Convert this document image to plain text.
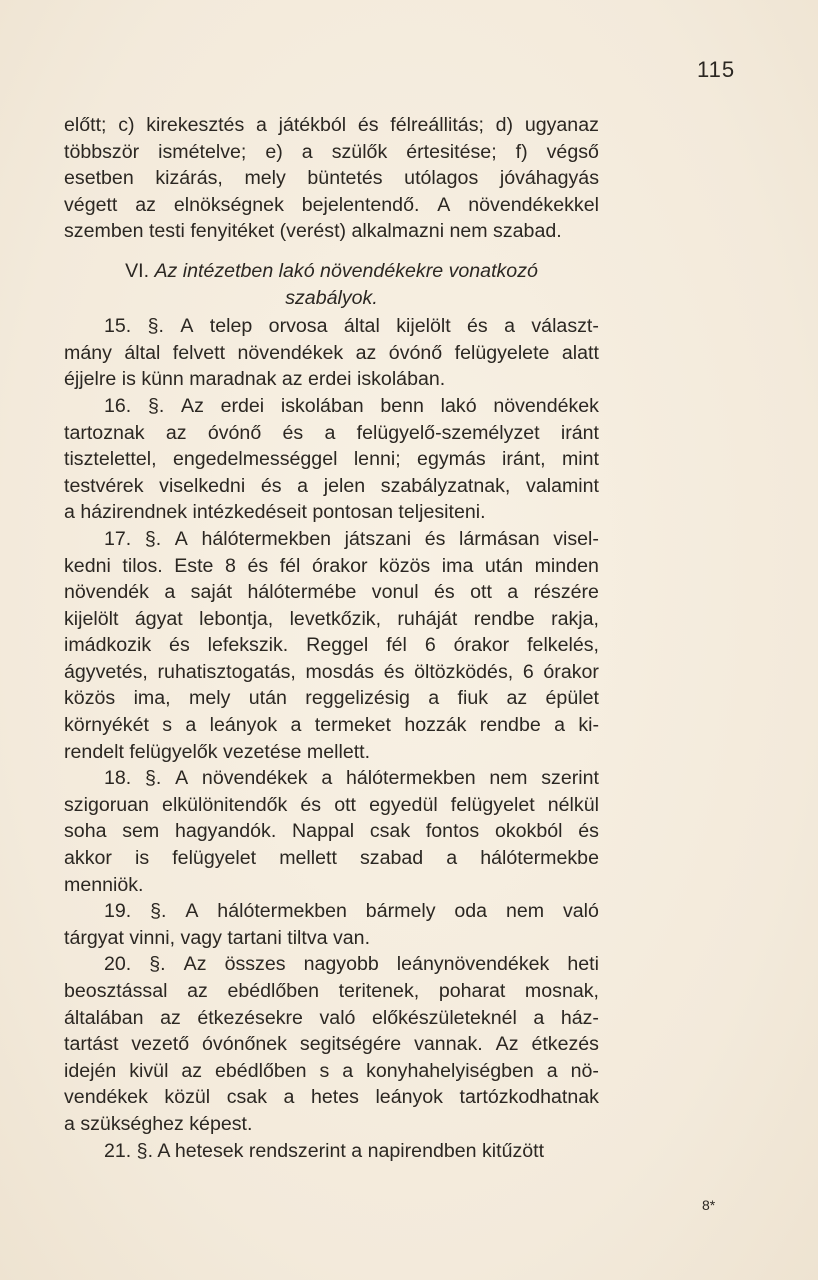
115
előtt; c) kirekesztés a játékból és félreállitás; d) ugyanaz
többször ismételve; e) a szülők értesitése; f) végső
esetben kizárás, mely büntetés utólagos jóváhagyás
végett az elnökségnek bejelentendő. A növendékekkel
szemben testi fenyitéket (verést) alkalmazni nem szabad.
VI. Az intézetben lakó növendékekre vonatkozó
szabályok.
15. §. A telep orvosa által kijelölt és a választ-
mány által felvett növendékek az óvónő felügyelete alatt
éjjelre is künn maradnak az erdei iskolában.
16. §. Az erdei iskolában benn lakó növendékek
tartoznak az óvónő és a felügyelő-személyzet iránt
tisztelettel, engedelmességgel lenni; egymás iránt, mint
testvérek viselkedni és a jelen szabályzatnak, valamint
a házirendnek intézkedéseit pontosan teljesiteni.
17. §. A hálótermekben játszani és lármásan visel-
kedni tilos. Este 8 és fél órakor közös ima után minden
növendék a saját hálótermébe vonul és ott a részére
kijelölt ágyat lebontja, levetkőzik, ruháját rendbe rakja,
imádkozik és lefekszik. Reggel fél 6 órakor felkelés,
ágyvetés, ruhatisztogatás, mosdás és öltözködés, 6 órakor
közös ima, mely után reggelizésig a fiuk az épület
környékét s a leányok a termeket hozzák rendbe a ki-
rendelt felügyelők vezetése mellett.
18. §. A növendékek a hálótermekben nem szerint
szigoruan elkülönitendők és ott egyedül felügyelet nélkül
soha sem hagyandók. Nappal csak fontos okokból és
akkor is felügyelet mellett szabad a hálótermekbe
menniök.
19. §. A hálótermekben bármely oda nem való
tárgyat vinni, vagy tartani tiltva van.
20. §. Az összes nagyobb leánynövendékek heti
beosztással az ebédlőben teritenek, poharat mosnak,
általában az étkezésekre való előkészületeknél a ház-
tartást vezető óvónőnek segitségére vannak. Az étkezés
idején kivül az ebédlőben s a konyhahelyiségben a nö-
vendékek közül csak a hetes leányok tartózkodhatnak
a szükséghez képest.
21. §. A hetesek rendszerint a napirendben kitűzött
8*
